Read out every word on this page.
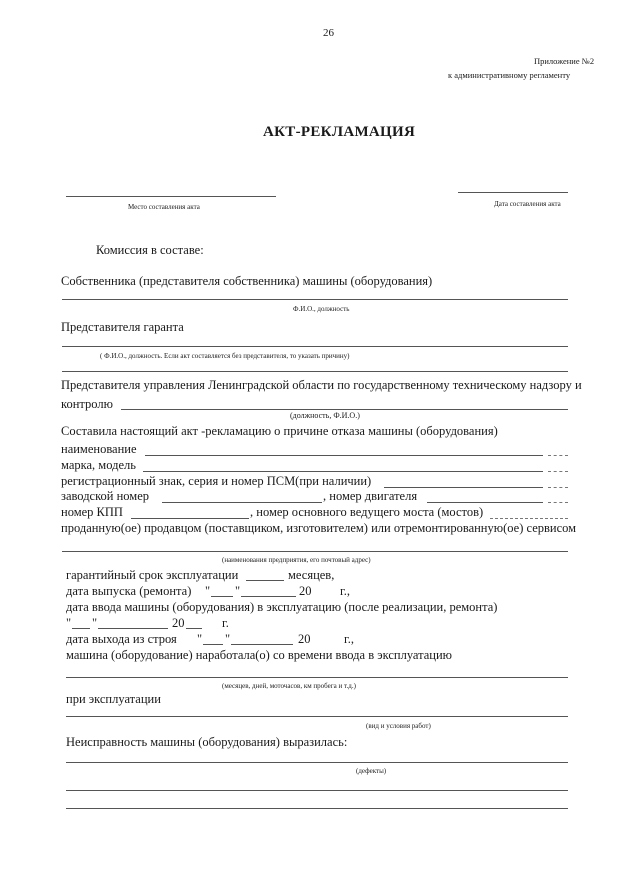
26
Приложение №2
к административному регламенту
АКТ-РЕКЛАМАЦИЯ
Место составления акта	Дата составления акта
Комиссия в составе:
Собственника (представителя собственника) машины (оборудования)
Ф.И.О., должность
Представителя гаранта
( Ф.И.О., должность. Если акт составляется без представителя, то указать причину)
Представителя управления Ленинградской области по государственному техническому надзору и
контролю
(должность, Ф.И.О.)
Составила настоящий акт -рекламацию о причине отказа машины (оборудования)
наименование
марка, модель
регистрационный знак, серия и номер ПСМ(при наличии)
заводской номер	, номер двигателя
номер КПП	, номер основного ведущего моста (мостов)
проданную(ое) продавцом (поставщиком, изготовителем) или отремонтированную(ое) сервисом
(наименования предприятия, его почтовый адрес)
гарантийный срок эксплуатации	месяцев,
дата выпуска (ремонта) " "	20 г.,
дата ввода машины (оборудования) в эксплуатацию (после реализации, ремонта)
" "	20	г.
дата выхода из строя " "	20	г.,
машина (оборудование) наработала(о) со времени ввода в эксплуатацию
(месяцев, дней, моточасов, км пробега и т.д.)
при эксплуатации
(вид и условия работ)
Неисправность машины (оборудования) выразилась:
(дефекты)
